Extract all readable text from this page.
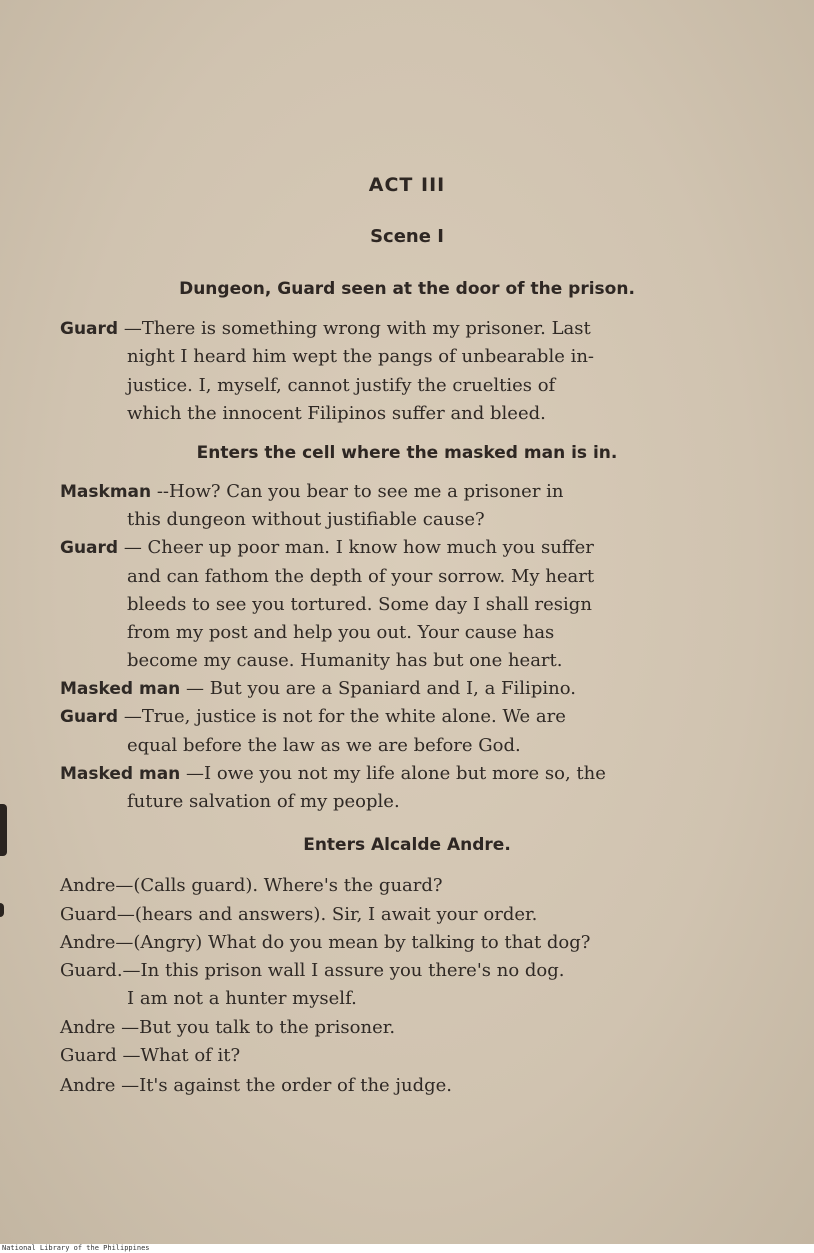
ACT III
Scene I
Dungeon, Guard seen at the door of the prison.
Guard —There is something wrong with my prisoner. Last
night I heard him wept the pangs of unbearable in-
justice. I, myself, cannot justify the cruelties of
which the innocent Filipinos suffer and bleed.
Enters the cell where the masked man is in.
Maskman --How? Can you bear to see me a prisoner in
this dungeon without justifiable cause?
Guard — Cheer up poor man. I know how much you suffer
and can fathom the depth of your sorrow. My heart
bleeds to see you tortured. Some day I shall resign
from my post and help you out. Your cause has
become my cause. Humanity has but one heart.
Masked man — But you are a Spaniard and I, a Filipino.
Guard —True, justice is not for the white alone. We are
equal before the law as we are before God.
Masked man —I owe you not my life alone but more so, the
future salvation of my people.
Enters Alcalde Andre.
Andre—(Calls guard). Where's the guard?
Guard—(hears and answers). Sir, I await your order.
Andre—(Angry) What do you mean by talking to that dog?
Guard.—In this prison wall I assure you there's no dog.
I am not a hunter myself.
Andre —But you talk to the prisoner.
Guard —What of it?
Andre —It's against the order of the judge.
National Library of the Philippines
